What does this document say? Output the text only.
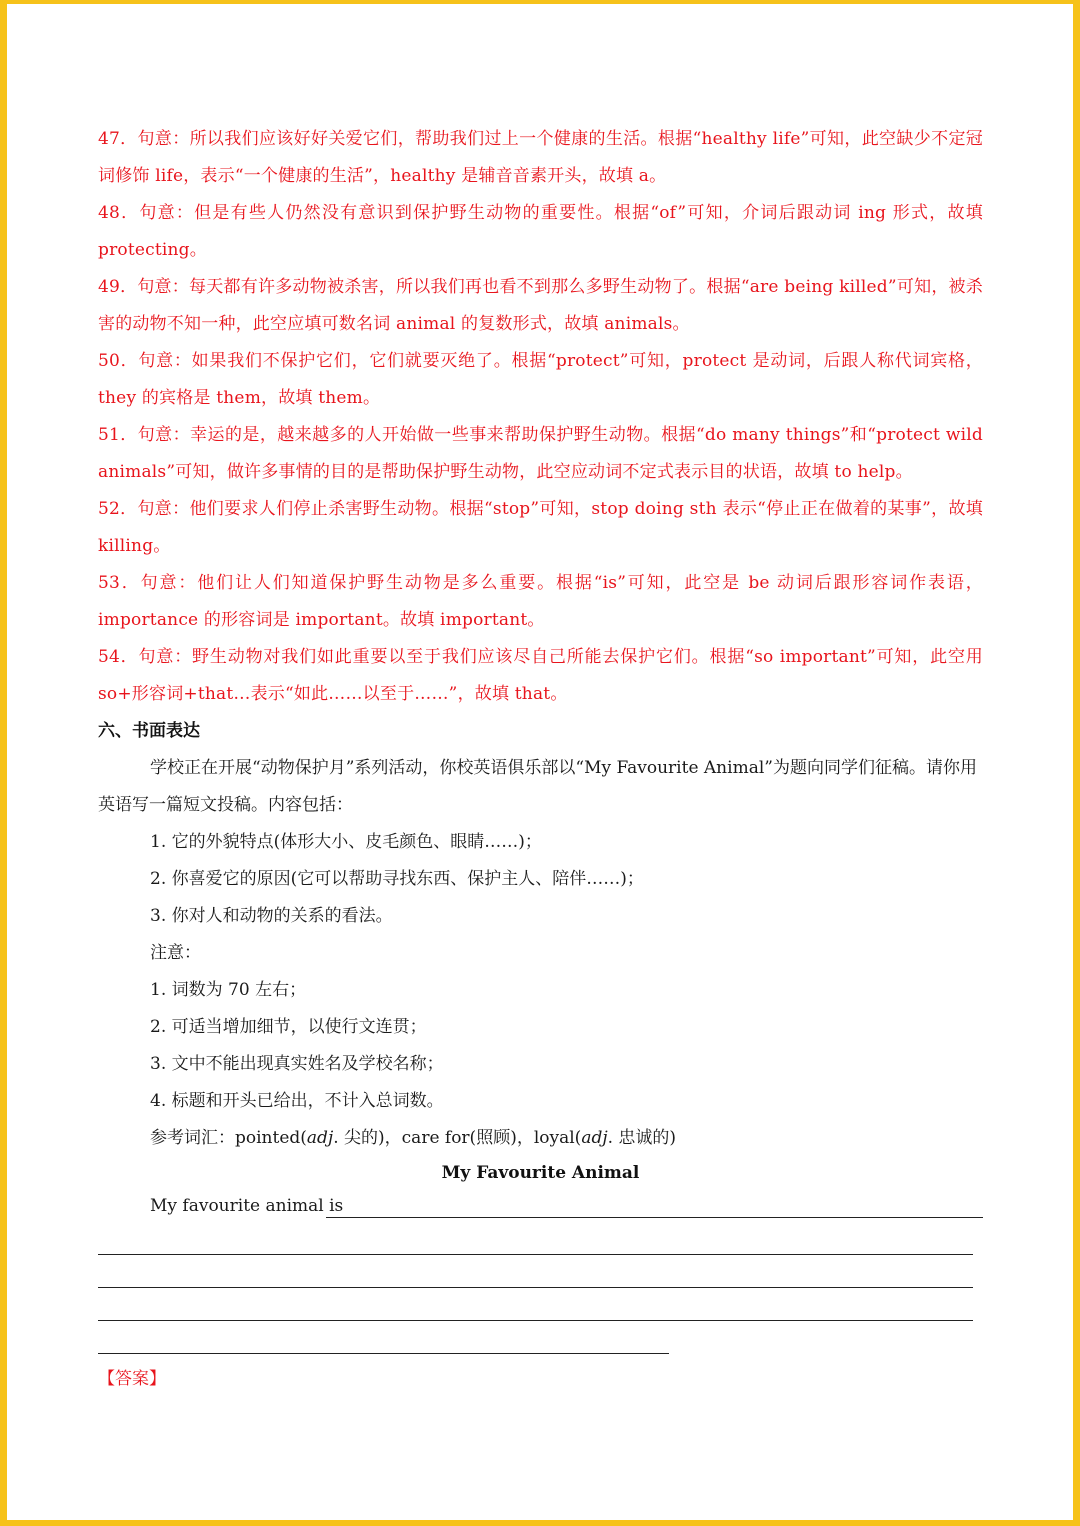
47．句意：所以我们应该好好关爱它们，帮助我们过上一个健康的生活。根据“healthy life”可知，此空缺少不定冠词修饰 life，表示“一个健康的生活”，healthy 是辅音音素开头，故填 a。

48．句意：但是有些人仍然没有意识到保护野生动物的重要性。根据“of”可知，介词后跟动词 ing 形式，故填 protecting。

49．句意：每天都有许多动物被杀害，所以我们再也看不到那么多野生动物了。根据“are being killed”可知，被杀害的动物不知一种，此空应填可数名词 animal 的复数形式，故填 animals。

50．句意：如果我们不保护它们，它们就要灭绝了。根据“protect”可知，protect 是动词，后跟人称代词宾格，they 的宾格是 them，故填 them。

51．句意：幸运的是，越来越多的人开始做一些事来帮助保护野生动物。根据“do many things”和“protect wild animals”可知，做许多事情的目的是帮助保护野生动物，此空应动词不定式表示目的状语，故填 to help。

52．句意：他们要求人们停止杀害野生动物。根据“stop”可知，stop doing sth 表示“停止正在做着的某事”，故填 killing。

53．句意：他们让人们知道保护野生动物是多么重要。根据“is”可知，此空是 be 动词后跟形容词作表语，importance 的形容词是 important。故填 important。

54．句意：野生动物对我们如此重要以至于我们应该尽自己所能去保护它们。根据“so important”可知，此空用 so+形容词+that…表示“如此……以至于……”，故填 that。

六、书面表达

学校正在开展“动物保护月”系列活动，你校英语俱乐部以“My Favourite Animal”为题向同学们征稿。请你用英语写一篇短文投稿。内容包括：

1. 它的外貌特点(体形大小、皮毛颜色、眼睛……)；

2. 你喜爱它的原因(它可以帮助寻找东西、保护主人、陪伴……)；

3. 你对人和动物的关系的看法。

注意：

1. 词数为 70 左右；

2. 可适当增加细节，以使行文连贯；

3. 文中不能出现真实姓名及学校名称；

4. 标题和开头已给出，不计入总词数。

参考词汇：pointed(adj. 尖的)，care for(照顾)，loyal(adj. 忠诚的)

My Favourite Animal

My favourite animal is

【答案】
